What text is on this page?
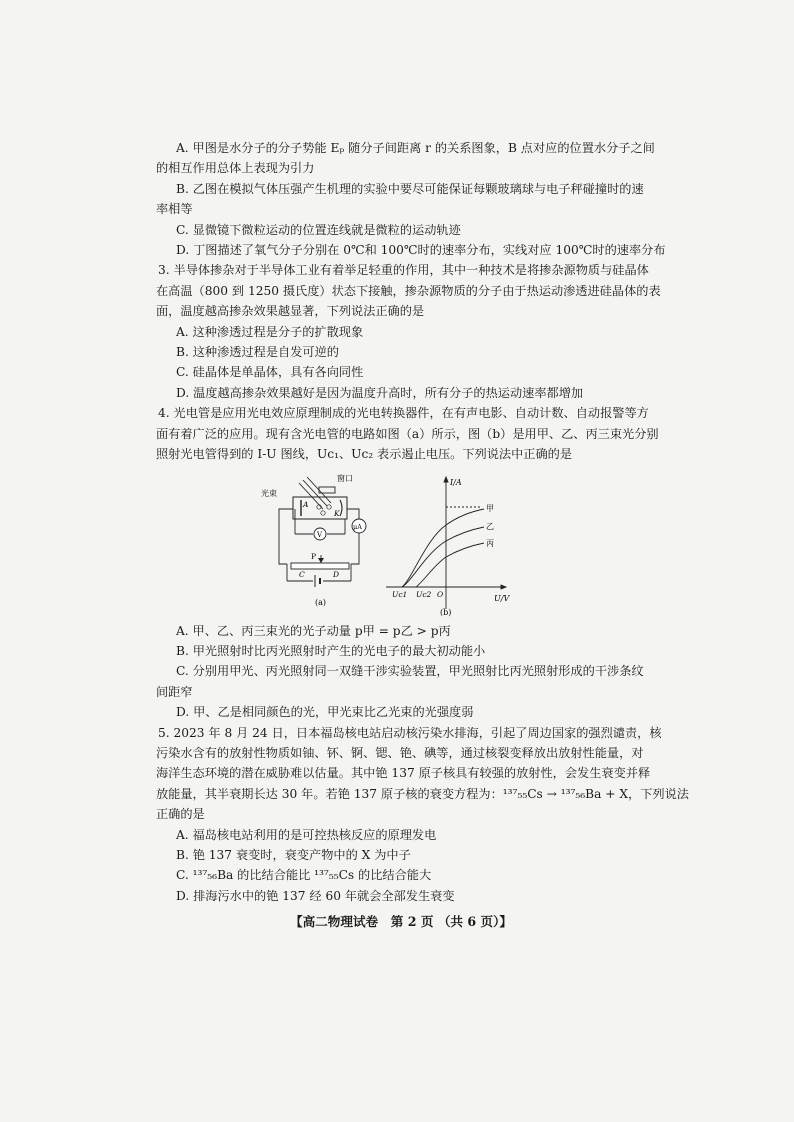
A. 甲图是水分子的分子势能 Eₚ 随分子间距离 r 的关系图象，B 点对应的位置水分子之间
的相互作用总体上表现为引力
B. 乙图在模拟气体压强产生机理的实验中要尽可能保证每颗玻璃球与电子秤碰撞时的速
率相等
C. 显微镜下微粒运动的位置连线就是微粒的运动轨迹
D. 丁图描述了氧气分子分别在 0℃和 100℃时的速率分布，实线对应 100℃时的速率分布
3. 半导体掺杂对于半导体工业有着举足轻重的作用，其中一种技术是将掺杂源物质与硅晶体
在高温（800 到 1250 摄氏度）状态下接触，掺杂源物质的分子由于热运动渗透进硅晶体的表
面，温度越高掺杂效果越显著，下列说法正确的是
A. 这种渗透过程是分子的扩散现象
B. 这种渗透过程是自发可逆的
C. 硅晶体是单晶体，具有各向同性
D. 温度越高掺杂效果越好是因为温度升高时，所有分子的热运动速率都增加
4. 光电管是应用光电效应原理制成的光电转换器件，在有声电影、自动计数、自动报警等方
面有着广泛的应用。现有含光电管的电路如图（a）所示，图（b）是用甲、乙、丙三束光分别
照射光电管得到的 I-U 图线，Uc₁、Uc₂ 表示遏止电压。下列说法中正确的是
窗口
光束
A
K
μA
V
P
C	D
(a)
I/A
U/V
Uc1 Uc2 O
甲
乙
丙
(b)
A. 甲、乙、丙三束光的光子动量 p甲 = p乙 > p丙
B. 甲光照射时比丙光照射时产生的光电子的最大初动能小
C. 分别用甲光、丙光照射同一双缝干涉实验装置，甲光照射比丙光照射形成的干涉条纹
间距窄
D. 甲、乙是相同颜色的光，甲光束比乙光束的光强度弱
5. 2023 年 8 月 24 日，日本福岛核电站启动核污染水排海，引起了周边国家的强烈谴责，核
污染水含有的放射性物质如铀、钚、锕、锶、铯、碘等，通过核裂变释放出放射性能量，对
海洋生态环境的潜在威胁难以估量。其中铯 137 原子核具有较强的放射性，会发生衰变并释
放能量，其半衰期长达 30 年。若铯 137 原子核的衰变方程为：¹³⁷₅₅Cs → ¹³⁷₅₆Ba + X，下列说法
正确的是
A. 福岛核电站利用的是可控热核反应的原理发电
B. 铯 137 衰变时，衰变产物中的 X 为中子
C. ¹³⁷₅₆Ba 的比结合能比 ¹³⁷₅₅Cs 的比结合能大
D. 排海污水中的铯 137 经 60 年就会全部发生衰变
【高二物理试卷　第 2 页 （共 6 页）】
